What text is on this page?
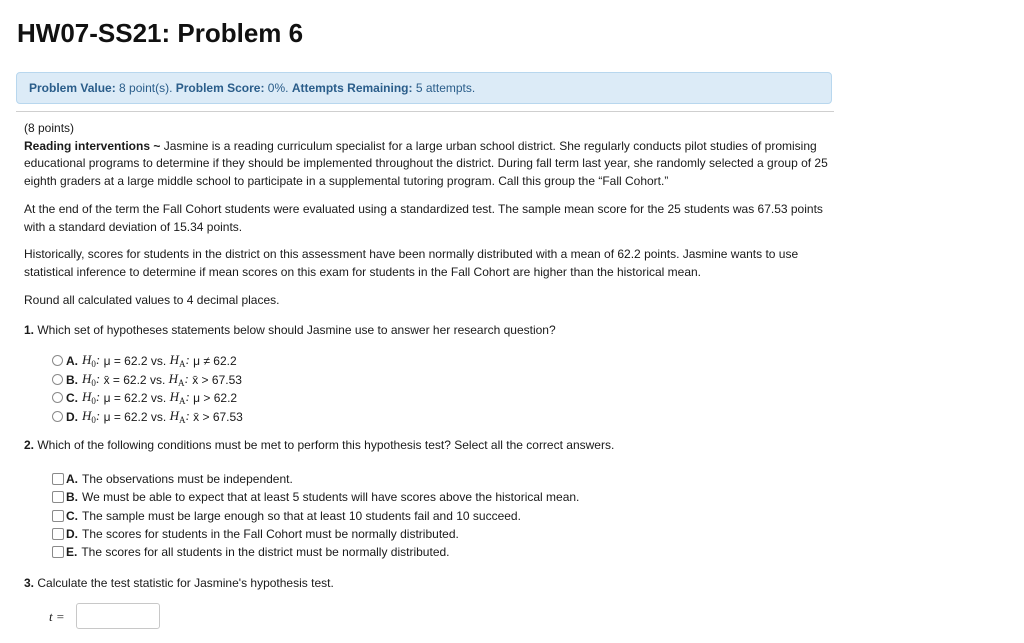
HW07-SS21: Problem 6
Problem Value: 8 point(s). Problem Score: 0%. Attempts Remaining: 5 attempts.

(8 points)

Reading interventions ~ Jasmine is a reading curriculum specialist for a large urban school district. She regularly conducts pilot studies of promising educational programs to determine if they should be implemented throughout the district. During fall term last year, she randomly selected a group of 25 eighth graders at a large middle school to participate in a supplemental tutoring program. Call this group the “Fall Cohort.”

At the end of the term the Fall Cohort students were evaluated using a standardized test. The sample mean score for the 25 students was 67.53 points with a standard deviation of 15.34 points.
Historically, scores for students in the district on this assessment have been normally distributed with a mean of 62.2 points. Jasmine wants to use statistical inference to determine if mean scores on this exam for students in the Fall Cohort are higher than the historical mean.
Round all calculated values to 4 decimal places.
1. Which set of hypotheses statements below should Jasmine use to answer her research question?
A. $H_0$:
μ = 62.2
vs.
$H_A$:
μ ≠ 62.2
B. $H_0$:
x̄ = 62.2
vs.
$H_A$:
x̄ > 67.53
C. $H_0$:
μ = 62.2
vs.
$H_A$:
μ > 62.2
D. $H_0$:
μ = 62.2
vs.
$H_A$:
x̄ > 67.53
2. Which of the following conditions must be met to perform this hypothesis test? Select all the correct answers.
A. The observations must be independent.
B. We must be able to expect that at least 5 students will have scores above the historical mean.
C. The sample must be large enough so that at least 10 students fail and 10 succeed.
D. The scores for students in the Fall Cohort must be normally distributed.
E. The scores for all students in the district must be normally distributed.
3. Calculate the test statistic for Jasmine's hypothesis test.
t =
